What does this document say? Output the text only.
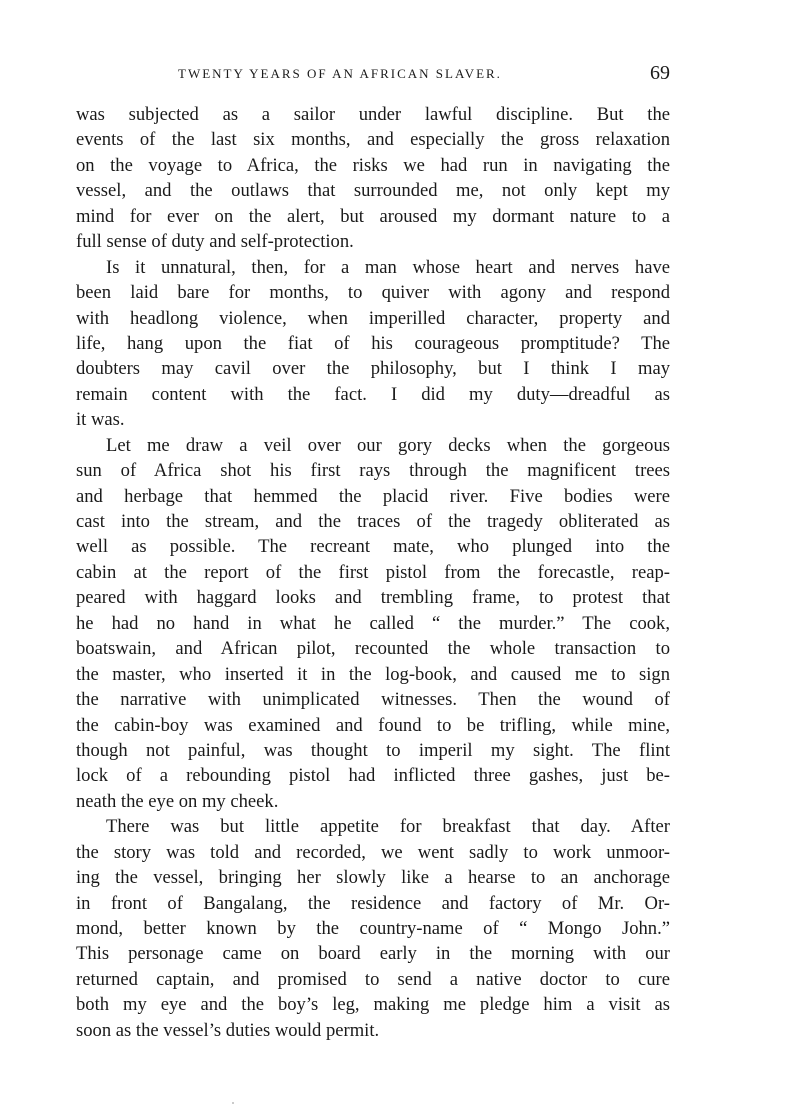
TWENTY YEARS OF AN AFRICAN SLAVER.	69
was subjected as a sailor under lawful discipline. But the
events of the last six months, and especially the gross relaxation
on the voyage to Africa, the risks we had run in navigating the
vessel, and the outlaws that surrounded me, not only kept my
mind for ever on the alert, but aroused my dormant nature to a
full sense of duty and self-protection.
Is it unnatural, then, for a man whose heart and nerves have
been laid bare for months, to quiver with agony and respond
with headlong violence, when imperilled character, property and
life, hang upon the fiat of his courageous promptitude? The
doubters may cavil over the philosophy, but I think I may
remain content with the fact. I did my duty—dreadful as
it was.
Let me draw a veil over our gory decks when the gorgeous
sun of Africa shot his first rays through the magnificent trees
and herbage that hemmed the placid river. Five bodies were
cast into the stream, and the traces of the tragedy obliterated as
well as possible. The recreant mate, who plunged into the
cabin at the report of the first pistol from the forecastle, reap-
peared with haggard looks and trembling frame, to protest that
he had no hand in what he called “ the murder.” The cook,
boatswain, and African pilot, recounted the whole transaction to
the master, who inserted it in the log-book, and caused me to sign
the narrative with unimplicated witnesses. Then the wound of
the cabin-boy was examined and found to be trifling, while mine,
though not painful, was thought to imperil my sight. The flint
lock of a rebounding pistol had inflicted three gashes, just be-
neath the eye on my cheek.
There was but little appetite for breakfast that day. After
the story was told and recorded, we went sadly to work unmoor-
ing the vessel, bringing her slowly like a hearse to an anchorage
in front of Bangalang, the residence and factory of Mr. Or-
mond, better known by the country-name of “ Mongo John.”
This personage came on board early in the morning with our
returned captain, and promised to send a native doctor to cure
both my eye and the boy’s leg, making me pledge him a visit as
soon as the vessel’s duties would permit.
